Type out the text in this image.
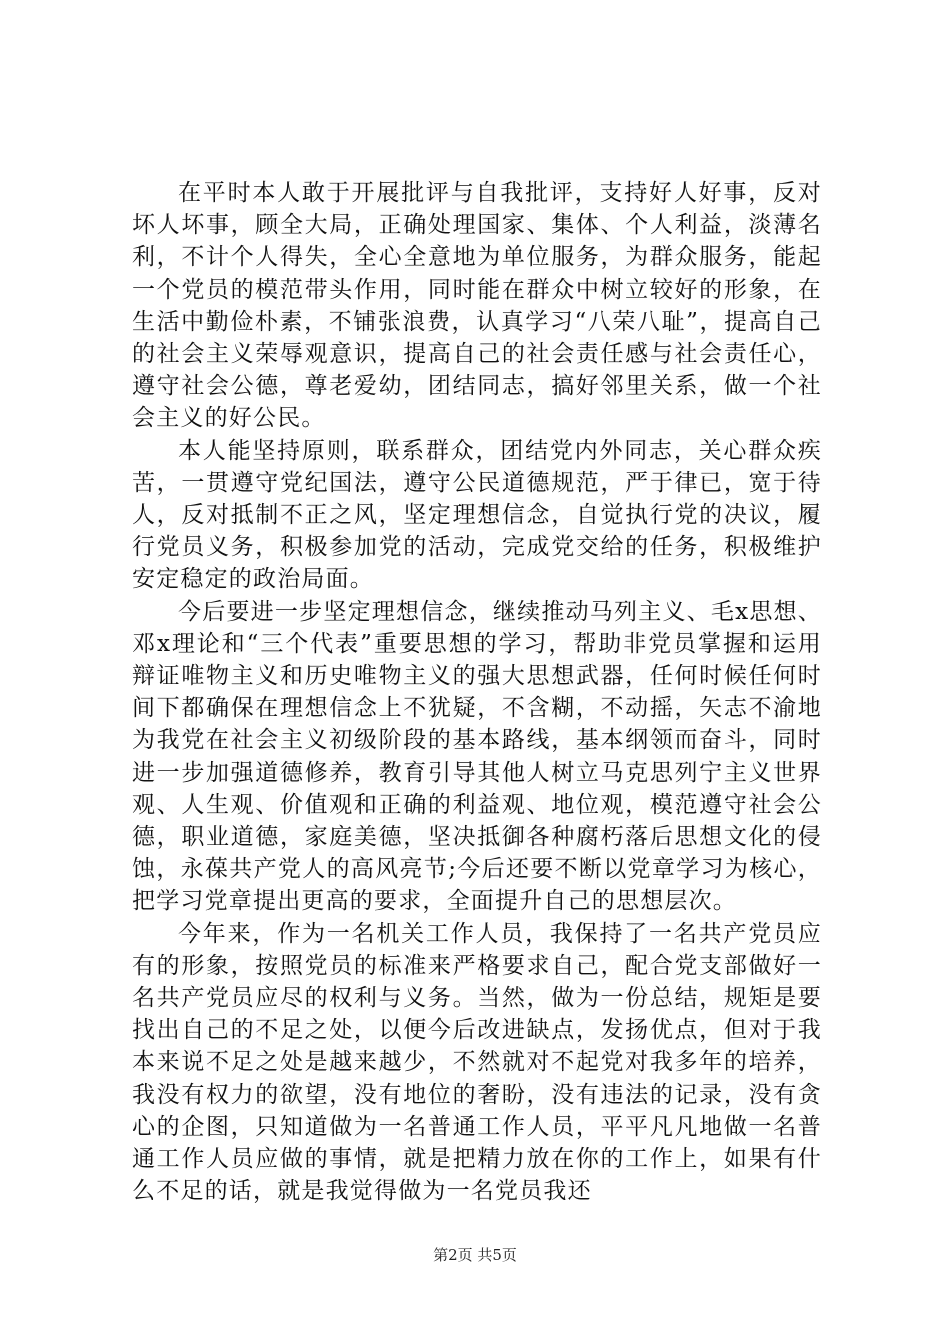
在平时本人敢于开展批评与自我批评，支持好人好事，反对坏人坏事，顾全大局，正确处理国家、集体、个人利益，淡薄名利，不计个人得失，全心全意地为单位服务，为群众服务，能起一个党员的模范带头作用，同时能在群众中树立较好的形象，在生活中勤俭朴素，不铺张浪费，认真学习“八荣八耻”，提高自己的社会主义荣辱观意识，提高自己的社会责任感与社会责任心，遵守社会公德，尊老爱幼，团结同志，搞好邻里关系，做一个社会主义的好公民。

本人能坚持原则，联系群众，团结党内外同志，关心群众疾苦，一贯遵守党纪国法，遵守公民道德规范，严于律已，宽于待人，反对抵制不正之风，坚定理想信念，自觉执行党的决议，履行党员义务，积极参加党的活动，完成党交给的任务，积极维护安定稳定的政治局面。

今后要进一步坚定理想信念，继续推动马列主义、毛x思想、邓x理论和“三个代表”重要思想的学习，帮助非党员掌握和运用辩证唯物主义和历史唯物主义的强大思想武器，任何时候任何时间下都确保在理想信念上不犹疑，不含糊，不动摇，矢志不渝地为我党在社会主义初级阶段的基本路线，基本纲领而奋斗，同时进一步加强道德修养，教育引导其他人树立马克思列宁主义世界观、人生观、价值观和正确的利益观、地位观，模范遵守社会公德，职业道德，家庭美德，坚决抵御各种腐朽落后思想文化的侵蚀，永葆共产党人的高风亮节;今后还要不断以党章学习为核心，把学习党章提出更高的要求，全面提升自己的思想层次。

今年来，作为一名机关工作人员，我保持了一名共产党员应有的形象，按照党员的标准来严格要求自己，配合党支部做好一名共产党员应尽的权利与义务。当然，做为一份总结，规矩是要找出自己的不足之处，以便今后改进缺点，发扬优点，但对于我本来说不足之处是越来越少，不然就对不起党对我多年的培养，我没有权力的欲望，没有地位的奢盼，没有违法的记录，没有贪心的企图，只知道做为一名普通工作人员，平平凡凡地做一名普通工作人员应做的事情，就是把精力放在你的工作上，如果有什么不足的话，就是我觉得做为一名党员我还

第2页 共5页
